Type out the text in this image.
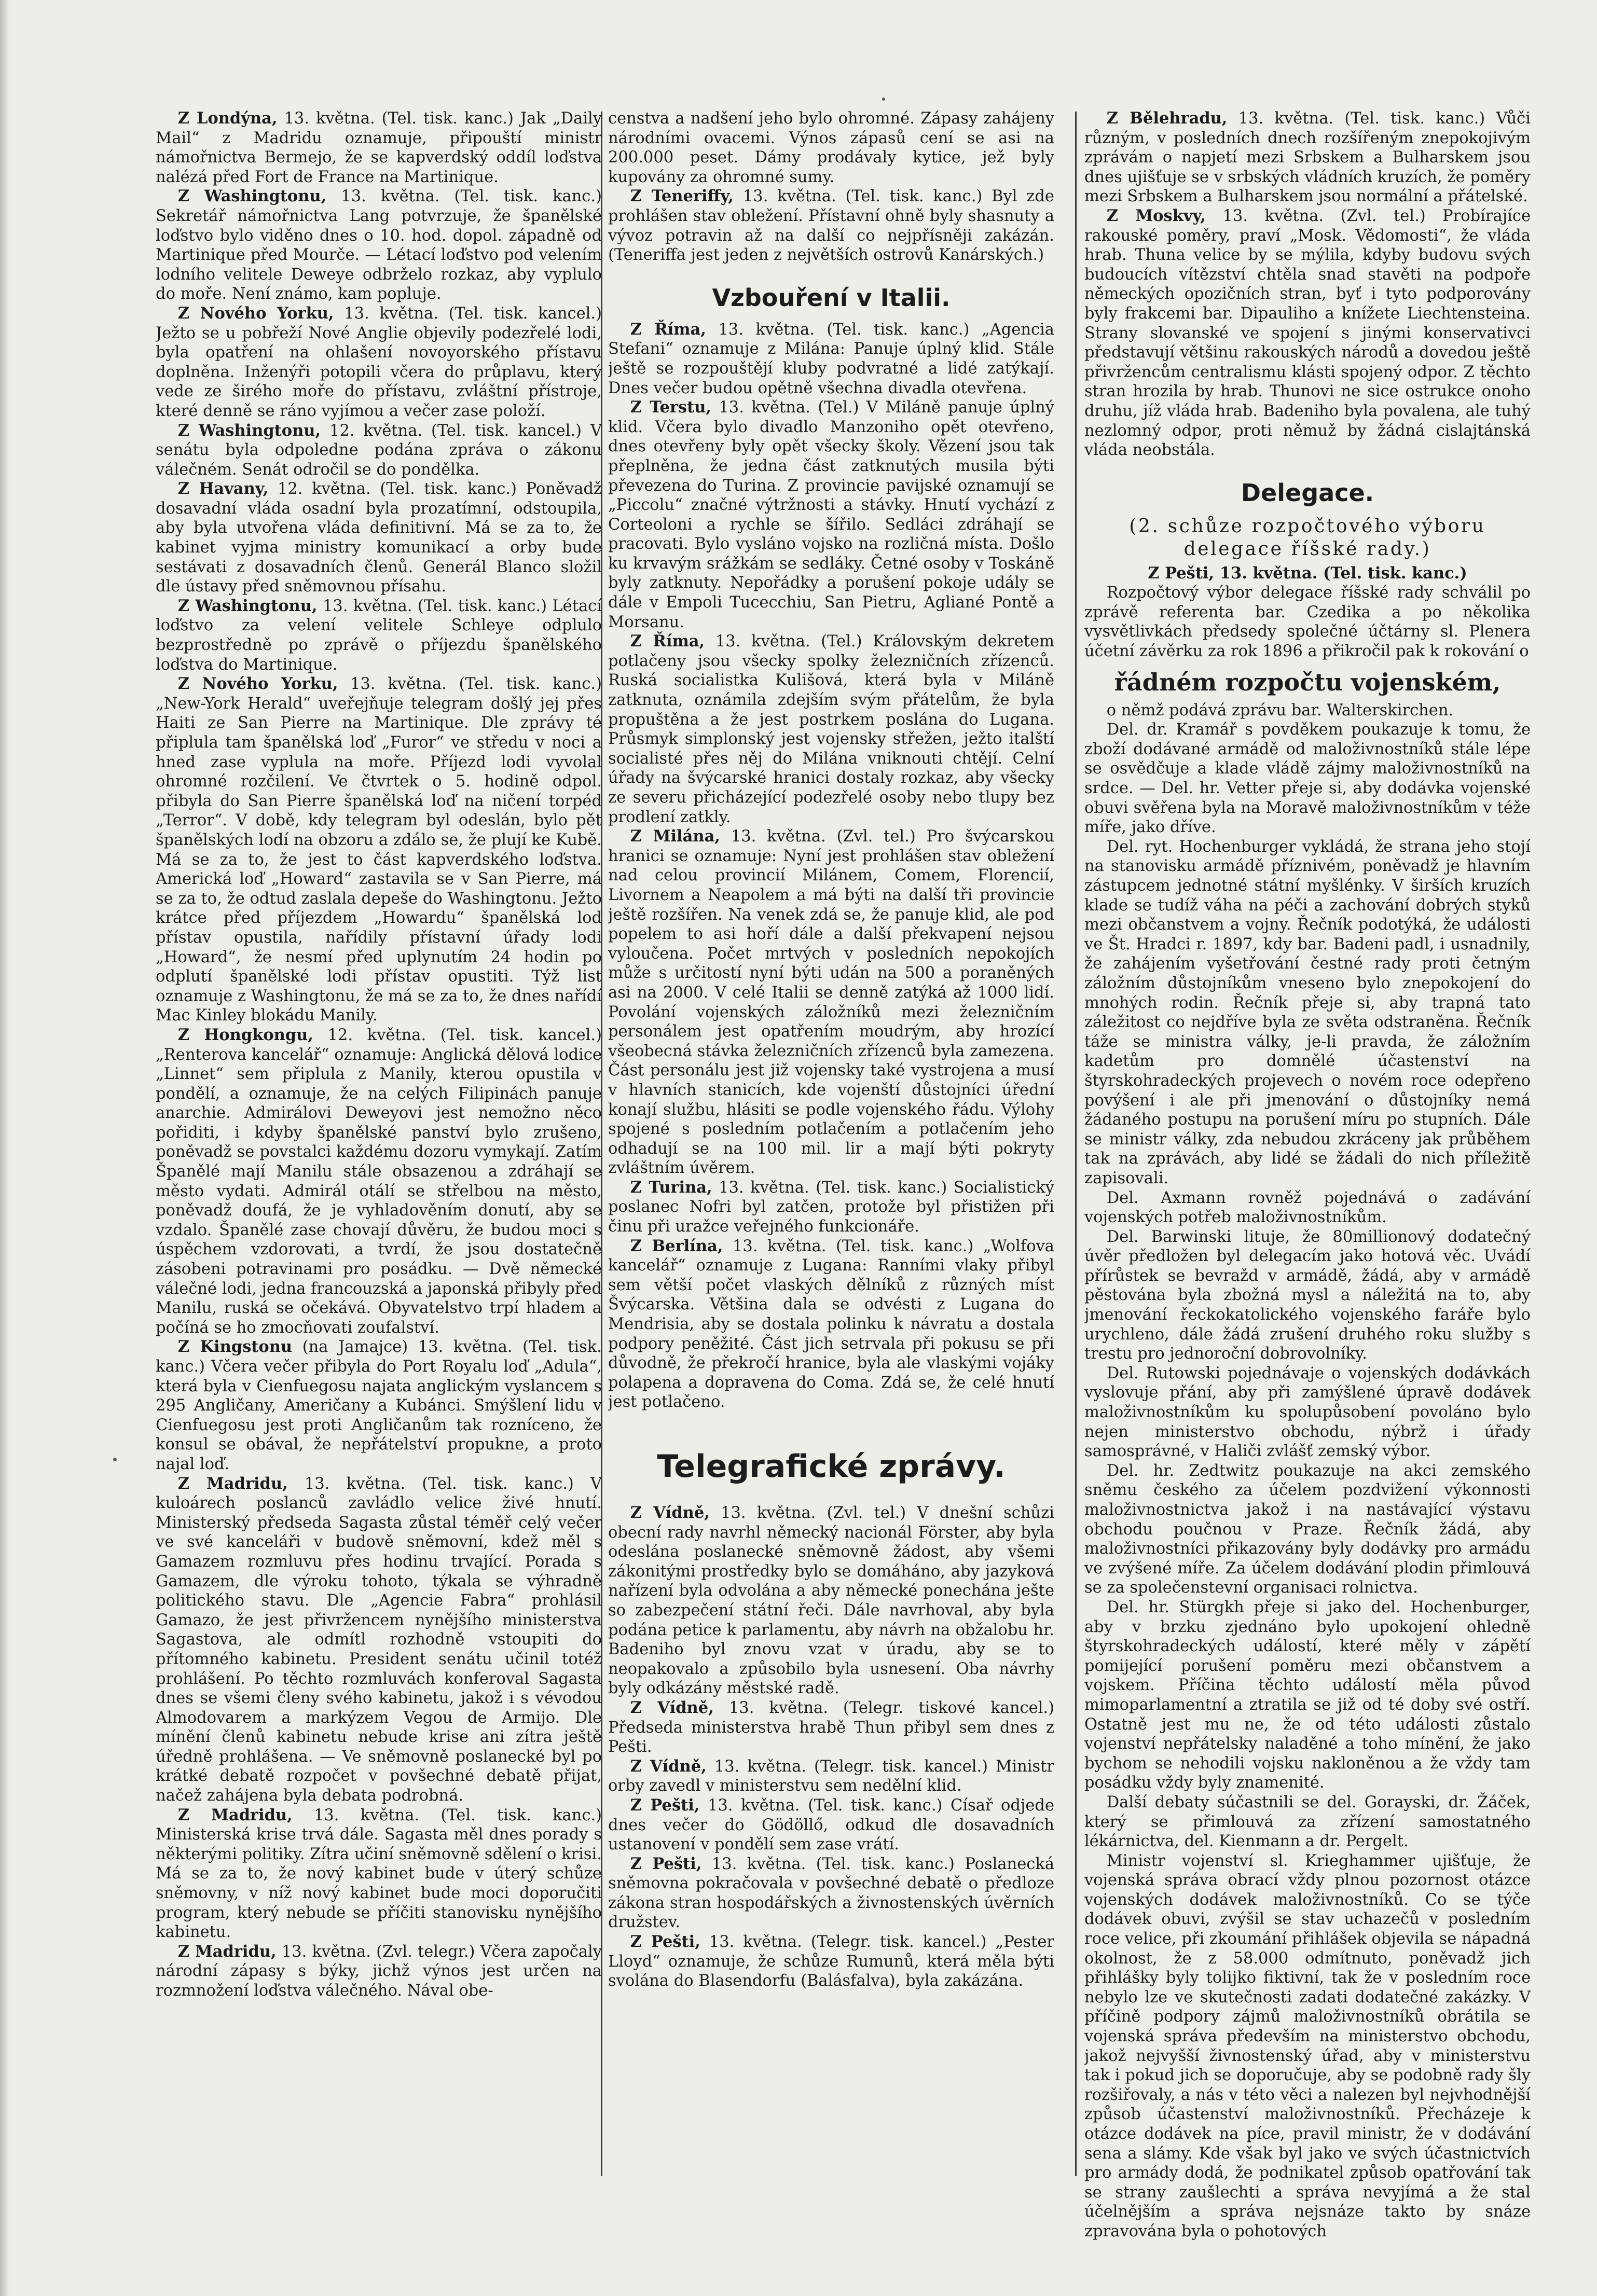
Z Londýna, 13. května. (Tel. tisk. kanc.) Jak „Daily Mail“ z Madridu oznamuje, připouští ministr námořnictva Bermejo, že se kapverdský oddíl loďstva nalézá před Fort de France na Martinique.

Z Washingtonu, 13. května. (Tel. tisk. kanc.) Sekretář námořnictva Lang potvrzuje, že španělské loďstvo bylo viděno dnes o 10. hod. dopol. západně od Martinique před Mourče. — Létací loďstvo pod velením lodního velitele Deweye odbrželo rozkaz, aby vyplulo do moře. Není známo, kam popluje.

Z Nového Yorku, 13. května. (Tel. tisk. kancel.) Ježto se u pobřeží Nové Anglie objevily podezřelé lodi, byla opatření na ohlašení novoyorského přístavu doplněna. Inženýři potopili včera do průplavu, který vede ze širého moře do přístavu, zvláštní přístroje, které denně se ráno vyjímou a večer zase položí.

Z Washingtonu, 12. května. (Tel. tisk. kancel.) V senátu byla odpoledne podána zpráva o zákonu válečném. Senát odročil se do pondělka.

Z Havany, 12. května. (Tel. tisk. kanc.) Poněvadž dosavadní vláda osadní byla prozatímní, odstoupila, aby byla utvořena vláda definitivní. Má se za to, že kabinet vyjma ministry komunikací a orby bude sestávati z dosavadních členů. Generál Blanco složil dle ústavy před sněmovnou přísahu.

Z Washingtonu, 13. května. (Tel. tisk. kanc.) Létací loďstvo za velení velitele Schleye odplulo bezprostředně po zprávě o příjezdu španělského loďstva do Martinique.

Z Nového Yorku, 13. května. (Tel. tisk. kanc.) „New-York Herald“ uveřejňuje telegram došlý jej přes Haiti ze San Pierre na Martinique. Dle zprávy té připlula tam španělská loď „Furor“ ve středu v noci a hned zase vyplula na moře. Příjezd lodi vyvolal ohromné rozčilení. Ve čtvrtek o 5. hodině odpol. přibyla do San Pierre španělská loď na ničení torpéd „Terror“. V době, kdy telegram byl odeslán, bylo pět španělských lodí na obzoru a zdálo se, že plují ke Kubě. Má se za to, že jest to část kapverdského loďstva. Americká loď „Howard“ zastavila se v San Pierre, má se za to, že odtud zaslala depeše do Washingtonu. Ježto krátce před příjezdem „Howardu“ španělská loď přístav opustila, nařídily přístavní úřady lodi „Howard“, že nesmí před uplynutím 24 hodin po odplutí španělské lodi přístav opustiti. Týž list oznamuje z Washingtonu, že má se za to, že dnes nařídí Mac Kinley blokádu Manily.

Z Hongkongu, 12. května. (Tel. tisk. kancel.) „Renterova kancelář“ oznamuje: Anglická dělová lodice „Linnet“ sem připlula z Manily, kterou opustila v pondělí, a oznamuje, že na celých Filipinách panuje anarchie. Admirálovi Deweyovi jest nemožno něco pořiditi, i kdyby španělské panství bylo zrušeno, poněvadž se povstalci každému dozoru vymykají. Zatím Španělé mají Manilu stále obsazenou a zdráhají se město vydati. Admirál otálí se střelbou na město, poněvadž doufá, že je vyhladověním donutí, aby se vzdalo. Španělé zase chovají důvěru, že budou moci s úspěchem vzdorovati, a tvrdí, že jsou dostatečně zásobeni potravinami pro posádku. — Dvě německé válečné lodi, jedna francouzská a japonská přibyly před Manilu, ruská se očekává. Obyvatelstvo trpí hladem a počíná se ho zmocňovati zoufalství.

Z Kingstonu (na Jamajce) 13. května. (Tel. tisk. kanc.) Včera večer přibyla do Port Royalu loď „Adula“, která byla v Cienfuegosu najata anglickým vyslancem s 295 Angličany, Američany a Kubánci. Smýšlení lidu v Cienfuegosu jest proti Angličanům tak rozníceno, že konsul se obával, že nepřátelství propukne, a proto najal loď.

Z Madridu, 13. května. (Tel. tisk. kanc.) V kuloárech poslanců zavládlo velice živé hnutí. Ministerský předseda Sagasta zůstal téměř celý večer ve své kanceláři v budově sněmovní, kdež měl s Gamazem rozmluvu přes hodinu trvající. Porada s Gamazem, dle výroku tohoto, týkala se výhradně politického stavu. Dle „Agencie Fabra“ prohlásil Gamazo, že jest přivržencem nynějšího ministerstva Sagastova, ale odmítl rozhodně vstoupiti do přítomného kabinetu. President senátu učinil totéž prohlášení. Po těchto rozmluvách konferoval Sagasta dnes se všemi členy svého kabinetu, jakož i s vévodou Almodovarem a markýzem Vegou de Armijo. Dle mínění členů kabinetu nebude krise ani zítra ještě úředně prohlášena. — Ve sněmovně poslanecké byl po krátké debatě rozpočet v povšechné debatě přijat, načež zahájena byla debata podrobná.

Z Madridu, 13. května. (Tel. tisk. kanc.) Ministerská krise trvá dále. Sagasta měl dnes porady s některými politiky. Zítra učiní sněmovně sdělení o krisi. Má se za to, že nový kabinet bude v úterý schůze sněmovny, v níž nový kabinet bude moci doporučiti program, který nebude se příčiti stanovisku nynějšího kabinetu.

Z Madridu, 13. května. (Zvl. telegr.) Včera započaly národní zápasy s býky, jichž výnos jest určen na rozmnožení loďstva válečného. Nával obe-

censtva a nadšení jeho bylo ohromné. Zápasy zahájeny národními ovacemi. Výnos zápasů cení se asi na 200.000 peset. Dámy prodávaly kytice, jež byly kupovány za ohromné sumy.

Z Teneriffy, 13. května. (Tel. tisk. kanc.) Byl zde prohlášen stav obležení. Přístavní ohně byly shasnuty a vývoz potravin až na další co nejpřísněji zakázán. (Teneriffa jest jeden z největších ostrovů Kanárských.)

Vzbouření v Italii.

Z Říma, 13. května. (Tel. tisk. kanc.) „Agencia Stefani“ oznamuje z Milána: Panuje úplný klid. Stále ještě se rozpouštějí kluby podvratné a lidé zatýkají. Dnes večer budou opětně všechna divadla otevřena.

Z Terstu, 13. května. (Tel.) V Miláně panuje úplný klid. Včera bylo divadlo Manzoniho opět otevřeno, dnes otevřeny byly opět všecky školy. Vězení jsou tak přeplněna, že jedna část zatknutých musila býti převezena do Turina. Z provincie pavijské oznamují se „Piccolu“ značné výtržnosti a stávky. Hnutí vychází z Corteoloni a rychle se šířilo. Sedláci zdráhají se pracovati. Bylo vysláno vojsko na rozličná místa. Došlo ku krvavým srážkám se sedláky. Četné osoby v Toskáně byly zatknuty. Nepořádky a porušení pokoje udály se dále v Empoli Tucecchiu, San Pietru, Agliané Pontě a Morsanu.

Z Říma, 13. května. (Tel.) Královským dekretem potlačeny jsou všecky spolky železničních zřízenců. Ruská socialistka Kulišová, která byla v Miláně zatknuta, oznámila zdejším svým přátelům, že byla propuštěna a že jest postrkem poslána do Lugana. Průsmyk simplonský jest vojensky střežen, ježto italští socialisté přes něj do Milána vniknouti chtějí. Celní úřady na švýcarské hranici dostaly rozkaz, aby všecky ze severu přicházející podezřelé osoby nebo tlupy bez prodlení zatkly.

Z Milána, 13. května. (Zvl. tel.) Pro švýcarskou hranici se oznamuje: Nyní jest prohlášen stav obležení nad celou provincií Milánem, Comem, Florencií, Livornem a Neapolem a má býti na další tři provincie ještě rozšířen. Na venek zdá se, že panuje klid, ale pod popelem to asi hoří dále a další překvapení nejsou vyloučena. Počet mrtvých v posledních nepokojích může s určitostí nyní býti udán na 500 a poraněných asi na 2000. V celé Italii se denně zatýká až 1000 lidí. Povolání vojenských záložníků mezi železničním personálem jest opatřením moudrým, aby hrozící všeobecná stávka železničních zřízenců byla zamezena. Část personálu jest již vojensky také vystrojena a musí v hlavních stanicích, kde vojenští důstojníci úřední konají službu, hlásiti se podle vojenského řádu. Výlohy spojené s posledním potlačením a potlačením jeho odhadují se na 100 mil. lir a mají býti pokryty zvláštním úvěrem.

Z Turina, 13. května. (Tel. tisk. kanc.) Socialistický poslanec Nofri byl zatčen, protože byl přistižen při činu při uražce veřejného funkcionáře.

Z Berlína, 13. května. (Tel. tisk. kanc.) „Wolfova kancelář“ oznamuje z Lugana: Ranními vlaky přibyl sem větší počet vlaských dělníků z různých míst Švýcarska. Většina dala se odvésti z Lugana do Mendrisia, aby se dostala polinku k návratu a dostala podpory peněžité. Část jich setrvala při pokusu se při důvodně, že překročí hranice, byla ale vlaskými vojáky polapena a dopravena do Coma. Zdá se, že celé hnutí jest potlačeno.

Telegrafické zprávy.

Z Vídně, 13. května. (Zvl. tel.) V dnešní schůzi obecní rady navrhl německý nacionál Förster, aby byla odeslána poslanecké sněmovně žádost, aby všemi zákonitými prostředky bylo se domáháno, aby jazyková nařízení byla odvolána a aby německé ponechána ješte so zabezpečení státní řeči. Dále navrhoval, aby byla podána petice k parlamentu, aby návrh na obžalobu hr. Badeniho byl znovu vzat v úradu, aby se to neopakovalo a způsobilo byla usnesení. Oba návrhy byly odkázány městské radě.

Z Vídně, 13. května. (Telegr. tiskové kancel.) Předseda ministerstva hrabě Thun přibyl sem dnes z Pešti.

Z Vídně, 13. května. (Telegr. tisk. kancel.) Ministr orby zavedl v ministerstvu sem nedělní klid.

Z Pešti, 13. května. (Tel. tisk. kanc.) Císař odjede dnes večer do Gödöllő, odkud dle dosavadních ustanovení v pondělí sem zase vrátí.

Z Pešti, 13. května. (Tel. tisk. kanc.) Poslanecká sněmovna pokračovala v povšechné debatě o předloze zákona stran hospodářských a živnostenských úvěrních družstev.

Z Pešti, 13. května. (Telegr. tisk. kancel.) „Pester Lloyd“ oznamuje, že schůze Rumunů, která měla býti svolána do Blasendorfu (Balásfalva), byla zakázána.

Z Bělehradu, 13. května. (Tel. tisk. kanc.) Vůči různým, v posledních dnech rozšířeným znepokojivým zprávám o napjetí mezi Srbskem a Bulharskem jsou dnes ujišťuje se v srbských vládních kruzích, že poměry mezi Srbskem a Bulharskem jsou normální a přátelské.

Z Moskvy, 13. května. (Zvl. tel.) Probírajíce rakouské poměry, praví „Mosk. Vědomosti“, že vláda hrab. Thuna velice by se mýlila, kdyby budovu svých budoucích vítězství chtěla snad stavěti na podpoře německých opozičních stran, byť i tyto podporovány byly frakcemi bar. Dipauliho a knížete Liechtensteina. Strany slovanské ve spojení s jinými konservativci představují většinu rakouských národů a dovedou ještě přivržencům centralismu klásti spojený odpor. Z těchto stran hrozila by hrab. Thunovi ne sice ostrukce onoho druhu, jíž vláda hrab. Badeniho byla povalena, ale tuhý nezlomný odpor, proti němuž by žádná cislajtánská vláda neobstála.

Delegace.

(2. schůze rozpočtového výboru delegace říšské rady.)

Z Pešti, 13. května. (Tel. tisk. kanc.)

Rozpočtový výbor delegace říšské rady schválil po zprávě referenta bar. Czedika a po několika vysvětlivkách předsedy společné účtárny sl. Plenera účetní závěrku za rok 1896 a přikročil pak k rokování o

řádném rozpočtu vojenském,

o němž podává zprávu bar. Walterskirchen.

Del. dr. Kramář s povděkem poukazuje k tomu, že zboží dodávané armádě od maloživnostníků stále lépe se osvědčuje a klade vládě zájmy maloživnostníků na srdce. — Del. hr. Vetter přeje si, aby dodávka vojenské obuvi svěřena byla na Moravě maloživnostníkům v téže míře, jako dříve.

Del. ryt. Hochenburger vykládá, že strana jeho stojí na stanovisku armádě příznivém, poněvadž je hlavním zástupcem jednotné státní myšlénky. V širších kruzích klade se tudíž váha na péči a zachování dobrých styků mezi občanstvem a vojny. Řečník podotýká, že události ve Št. Hradci r. 1897, kdy bar. Badeni padl, i usnadnily, že zahájením vyšetřování čestné rady proti četným záložním důstojníkům vneseno bylo znepokojení do mnohých rodin. Řečník přeje si, aby trapná tato záležitost co nejdříve byla ze světa odstraněna. Řečník táže se ministra války, je-li pravda, že záložním kadetům pro domnělé účastenství na štyrskohradeckých projevech o novém roce odepřeno povýšení i ale při jmenování o důstojníky nemá žádaného postupu na porušení míru po stupních. Dále se ministr války, zda nebudou zkráceny jak průběhem tak na zprávách, aby lidé se žádali do nich příležitě zapisovali.

Del. Axmann rovněž pojednává o zadávání vojenských potřeb maloživnostníkům.

Del. Barwinski lituje, že 80millionový dodatečný úvěr předložen byl delegacím jako hotová věc. Uvádí přírůstek se bevražd v armádě, žádá, aby v armádě pěstována byla zbožná mysl a náležitá na to, aby jmenování řeckokatolického vojenského faráře bylo urychleno, dále žádá zrušení druhého roku služby s trestu pro jednoroční dobrovolníky.

Del. Rutowski pojednávaje o vojenských dodávkách vyslovuje přání, aby při zamýšlené úpravě dodávek maloživnostníkům ku spolupůsobení povoláno bylo nejen ministerstvo obchodu, nýbrž i úřady samosprávné, v Haliči zvlášť zemský výbor.

Del. hr. Zedtwitz poukazuje na akci zemského sněmu českého za účelem pozdvižení výkonnosti maloživnostnictva jakož i na nastávající výstavu obchodu poučnou v Praze. Řečník žádá, aby maloživnostníci přikazovány byly dodávky pro armádu ve zvýšené míře. Za účelem dodávání plodin přimlouvá se za společenstevní organisaci rolnictva.

Del. hr. Stürgkh přeje si jako del. Hochenburger, aby v brzku zjednáno bylo upokojení ohledně štyrskohradeckých událostí, které měly v zápětí pomijející porušení poměru mezi občanstvem a vojskem. Příčina těchto událostí měla původ mimoparlamentní a ztratila se již od té doby své ostří. Ostatně jest mu ne, že od této události zůstalo vojenství nepřátelsky naladěné a toho mínění, že jako bychom se nehodili vojsku nakloněnou a že vždy tam posádku vždy byly znamenité.

Další debaty súčastnili se del. Gorayski, dr. Žáček, který se přimlouvá za zřízení samostatného lékárnictva, del. Kienmann a dr. Pergelt.

Ministr vojenství sl. Krieghammer ujišťuje, že vojenská správa obrací vždy plnou pozornost otázce vojenských dodávek maloživnostníků. Co se týče dodávek obuvi, zvýšil se stav uchazečů v posledním roce velice, při zkoumání přihlášek objevila se nápadná okolnost, že z 58.000 odmítnuto, poněvadž jich přihlášky byly tolijko fiktivní, tak že v posledním roce nebylo lze ve skutečnosti zadati dodatečné zakázky. V příčině podpory zájmů maloživnostníků obrátila se vojenská správa především na ministerstvo obchodu, jakož nejvyšší živnostenský úřad, aby v ministerstvu tak i pokud jich se doporučuje, aby se podobně rady šly rozšiřovaly, a nás v této věci a nalezen byl nejvhodnější způsob účastenství maloživnostníků. Přecházeje k otázce dodávek na píce, pravil ministr, že v dodávání sena a slámy. Kde však byl jako ve svých účastnictvích pro armády dodá, že podnikatel způsob opatřování tak se strany zaušlechti a správa nevyjímá a že stal účelnějším a správa nejsnáze takto by snáze zpravována byla o pohotových
